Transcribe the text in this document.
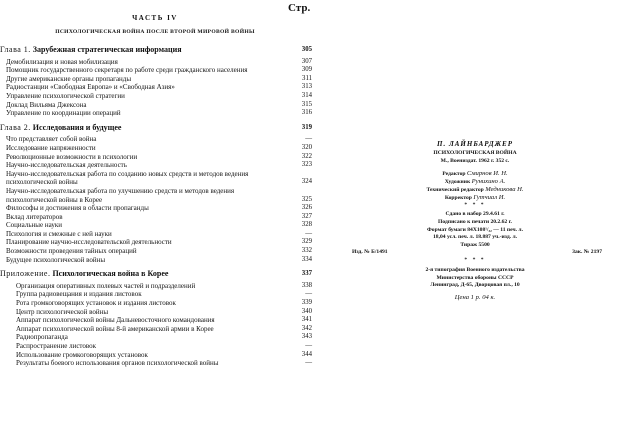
Стр.
ЧАСТЬ IV
ПСИХОЛОГИЧЕСКАЯ ВОЙНА ПОСЛЕ ВТОРОЙ МИРОВОЙ ВОЙНЫ
Глава 1. Зарубежная стратегическая информация	305
Демобилизация и новая мобилизация	307
Помощник государственного секретаря по работе среди гражданского населения	309
Другие американские органы пропаганды	311
Радиостанции «Свободная Европа» и «Свободная Азия»	313
Управление психологической стратегии	314
Доклад Вильяма Джексона	315
Управление по координации операций	316
Глава 2. Исследования и будущее	319
Что представляет собой война	—
Исследование напряженности	320
Революционные возможности в психологии	322
Научно-исследовательская деятельность	323
Научно-исследовательская работа по созданию новых средств и методов ведения психологической войны	324
Научно-исследовательская работа по улучшению средств и методов ведения психологической войны в Корее	325
Философы и достижения в области пропаганды	326
Вклад литераторов	327
Социальные науки	328
Психология и смежные с ней науки	—
Планирование научно-исследовательской деятельности	329
Возможности проведения тайных операций	332
Будущее психологической войны	334
Приложение. Психологическая война в Корее	337
Организация оперативных полевых частей и подразделений	338
Группа радиовещания и издания листовок	—
Рота громкоговорящих установок и издания листовок	339
Центр психологической войны	340
Аппарат психологической войны Дальневосточного командования	341
Аппарат психологической войны 8-й американской армии в Корее	342
Радиопропаганда	343
Распространение листовок	—
Использование громкоговорящих установок	344
Результаты боевого использования органов психологической войны	—
П. ЛАЙНБАРДЖЕР
ПСИХОЛОГИЧЕСКАЯ ВОЙНА
М., Воениздат. 1962 г. 352 с.
Редактор Смирнов И. Н.
Художник Рунихино А.
Технический редактор Медникова Н.
Корректор Гутчиал И.
* * *
Сдано в набор 29.4.61 г.
Подписано к печати 20.2.62 г.
Формат бумаги 84Х108¹/₃₂ — 11 печ. л.
18,04 усл. печ. л. 18.887 уч.-изд. л.
Тираж 5500
Изд. № Б/1491	Зак. № 2197
* * *
2-я типография Военного издательства
Министерства обороны СССР
Ленинград, Д-65, Дворцовая пл., 10
Цена 1 р. 04 к.
